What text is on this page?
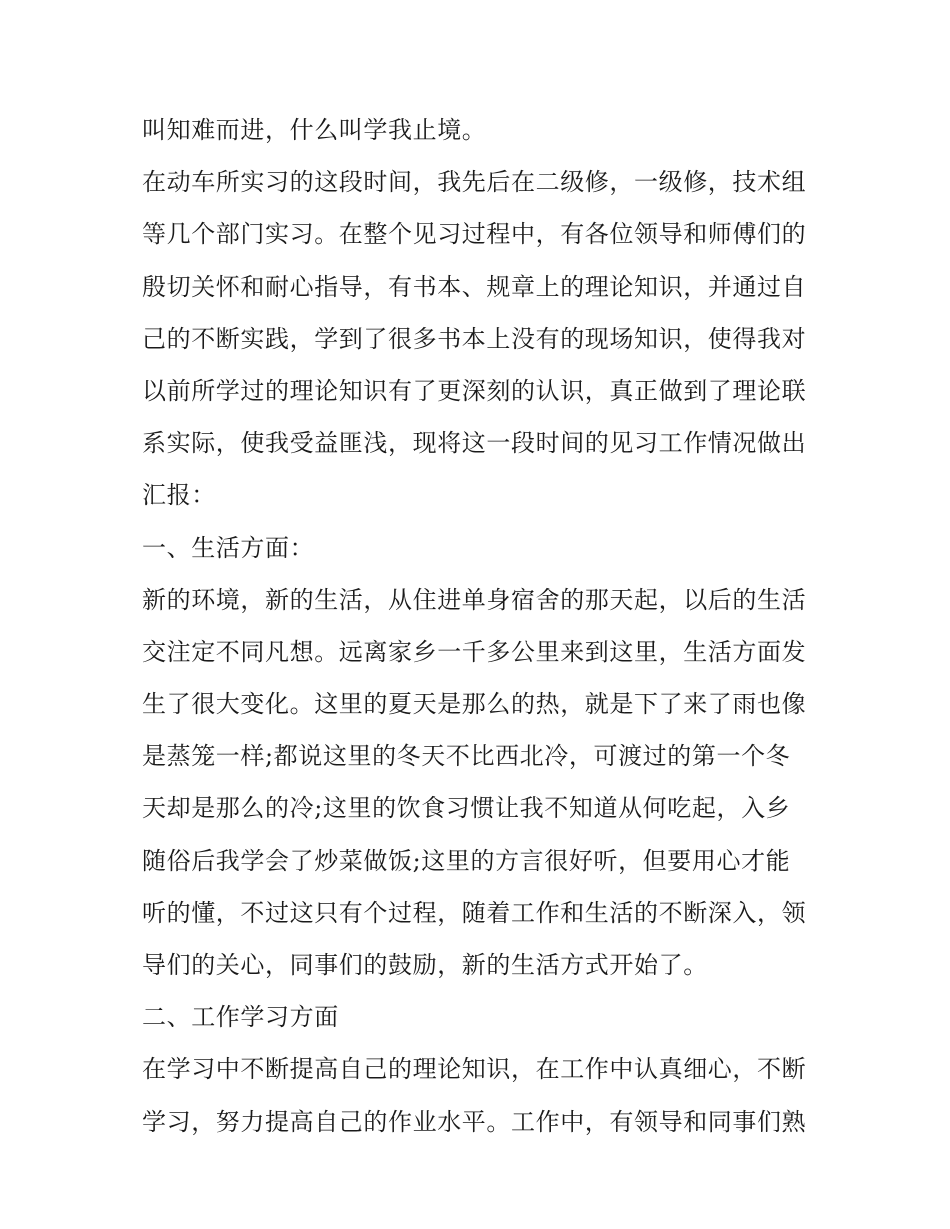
叫知难而进，什么叫学我止境。
在动车所实习的这段时间，我先后在二级修，一级修，技术组
等几个部门实习。在整个见习过程中，有各位领导和师傅们的
殷切关怀和耐心指导，有书本、规章上的理论知识，并通过自
己的不断实践，学到了很多书本上没有的现场知识，使得我对
以前所学过的理论知识有了更深刻的认识，真正做到了理论联
系实际，使我受益匪浅，现将这一段时间的见习工作情况做出
汇报：
一、生活方面：
新的环境，新的生活，从住进单身宿舍的那天起，以后的生活
交注定不同凡想。远离家乡一千多公里来到这里，生活方面发
生了很大变化。这里的夏天是那么的热，就是下了来了雨也像
是蒸笼一样;都说这里的冬天不比西北冷，可渡过的第一个冬
天却是那么的冷;这里的饮食习惯让我不知道从何吃起，入乡
随俗后我学会了炒菜做饭;这里的方言很好听，但要用心才能
听的懂，不过这只有个过程，随着工作和生活的不断深入，领
导们的关心，同事们的鼓励，新的生活方式开始了。
二、工作学习方面
在学习中不断提高自己的理论知识，在工作中认真细心，不断
学习，努力提高自己的作业水平。工作中，有领导和同事们熟
